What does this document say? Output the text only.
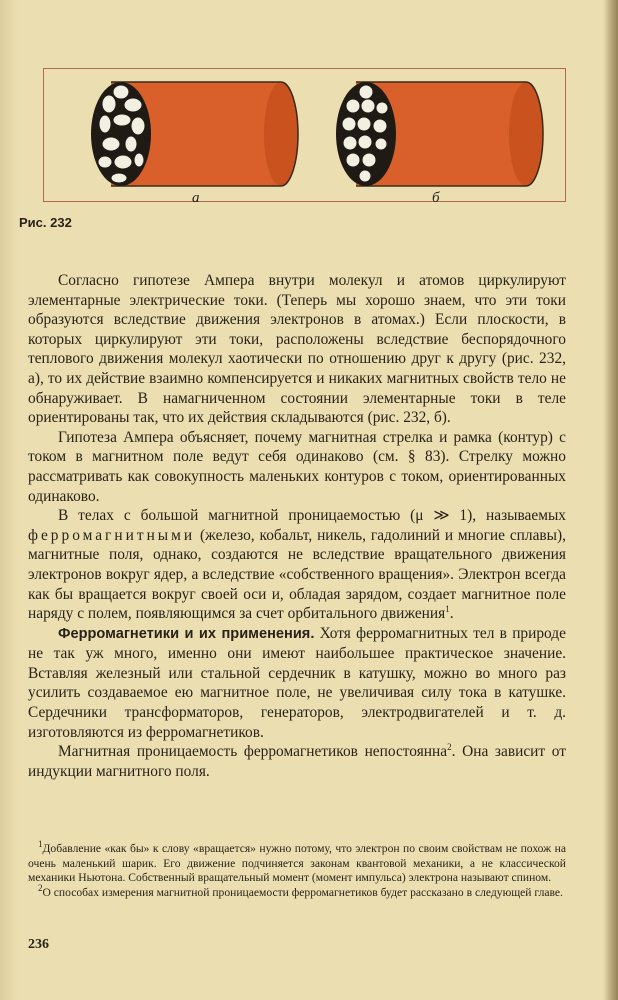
а	б
Рис. 232

Согласно гипотезе Ампера внутри молекул и атомов циркулируют элементарные электрические токи. (Теперь мы хорошо знаем, что эти токи образуются вследствие движения электронов в атомах.) Если плоскости, в которых циркулируют эти токи, расположены вследствие беспорядочного теплового движения молекул хаотически по отношению друг к другу (рис. 232, а), то их действие взаимно компенсируется и никаких магнитных свойств тело не обнаруживает. В намагниченном состоянии элементарные токи в теле ориентированы так, что их действия складываются (рис. 232, б).

Гипотеза Ампера объясняет, почему магнитная стрелка и рамка (контур) с током в магнитном поле ведут себя одинаково (см. § 83). Стрелку можно рассматривать как совокупность маленьких контуров с током, ориентированных одинаково.

В телах с большой магнитной проницаемостью (μ ≫ 1), называемых ферромагнитными (железо, кобальт, никель, гадолиний и многие сплавы), магнитные поля, однако, создаются не вследствие вращательного движения электронов вокруг ядер, а вследствие «собственного вращения». Электрон всегда как бы вращается вокруг своей оси и, обладая зарядом, создает магнитное поле наряду с полем, появляющимся за счет орбитального движения$^1$.

Ферромагнетики и их применения. Хотя ферромагнитных тел в природе не так уж много, именно они имеют наибольшее практическое значение. Вставляя железный или стальной сердечник в катушку, можно во много раз усилить создаваемое ею магнитное поле, не увеличивая силу тока в катушке. Сердечники трансформаторов, генераторов, электродвигателей и т. д. изготовляются из ферромагнетиков.

Магнитная проницаемость ферромагнетиков непостоянна$^2$. Она зависит от индукции магнитного поля.

$^1$Добавление «как бы» к слову «вращается» нужно потому, что электрон по своим свойствам не похож на очень маленький шарик. Его движение подчиняется законам квантовой механики, а не классической механики Ньютона. Собственный вращательный момент (момент импульса) электрона называют спином.

$^2$О способах измерения магнитной проницаемости ферромагнетиков будет рассказано в следующей главе.

236
